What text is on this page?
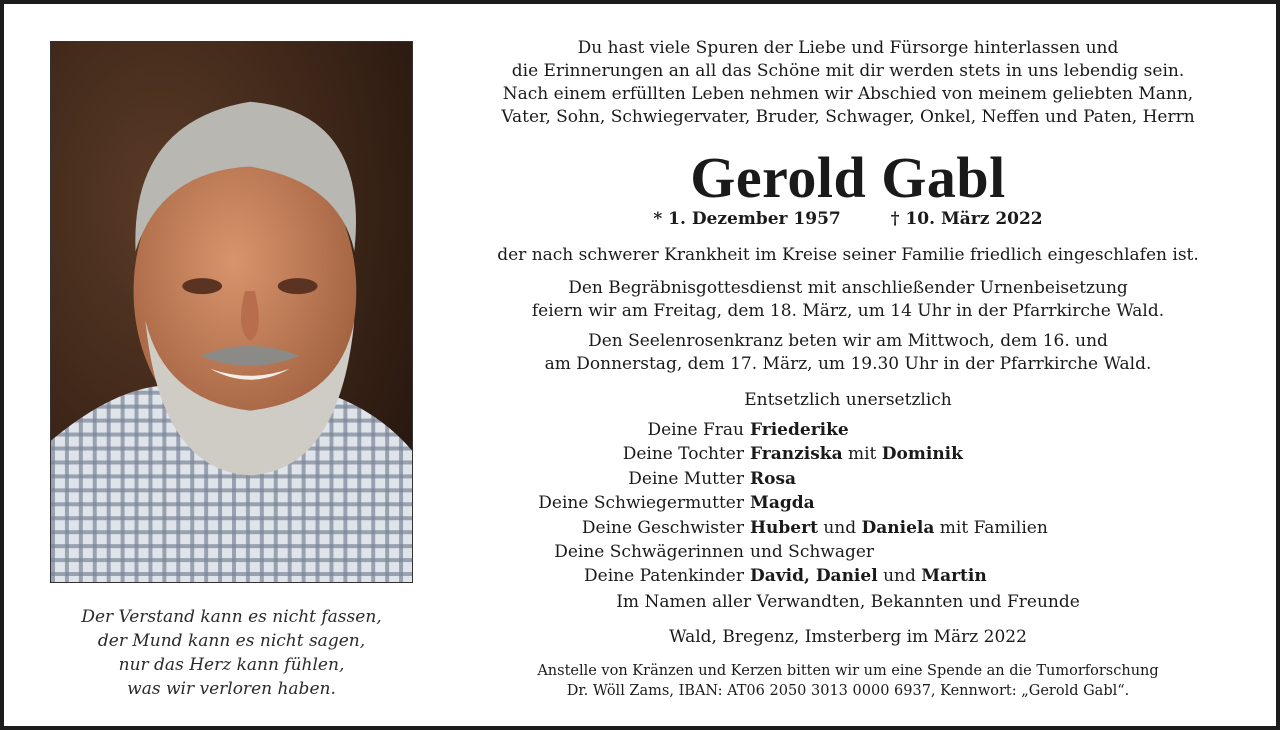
Der Verstand kann es nicht fassen,
der Mund kann es nicht sagen,
nur das Herz kann fühlen,
was wir verloren haben.
Du hast viele Spuren der Liebe und Fürsorge hinterlassen und
die Erinnerungen an all das Schöne mit dir werden stets in uns lebendig sein.
Nach einem erfüllten Leben nehmen wir Abschied von meinem geliebten Mann,
Vater, Sohn, Schwiegervater, Bruder, Schwager, Onkel, Neffen und Paten, Herrn
Gerold Gabl
* 1. Dezember 1957	† 10. März 2022
der nach schwerer Krankheit im Kreise seiner Familie friedlich eingeschlafen ist.
Den Begräbnisgottesdienst mit anschließender Urnenbeisetzung
feiern wir am Freitag, dem 18. März, um 14 Uhr in der Pfarrkirche Wald.
Den Seelenrosenkranz beten wir am Mittwoch, dem 16. und
am Donnerstag, dem 17. März, um 19.30 Uhr in der Pfarrkirche Wald.
Entsetzlich unersetzlich
Deine Frau Friederike
Deine Tochter Franziska mit Dominik
Deine Mutter Rosa
Deine Schwiegermutter Magda
Deine Geschwister Hubert und Daniela mit Familien
Deine Schwägerinnen und Schwager
Deine Patenkinder David, Daniel und Martin
Im Namen aller Verwandten, Bekannten und Freunde
Wald, Bregenz, Imsterberg im März 2022
Anstelle von Kränzen und Kerzen bitten wir um eine Spende an die Tumorforschung
Dr. Wöll Zams, IBAN: AT06 2050 3013 0000 6937, Kennwort: „Gerold Gabl“.
